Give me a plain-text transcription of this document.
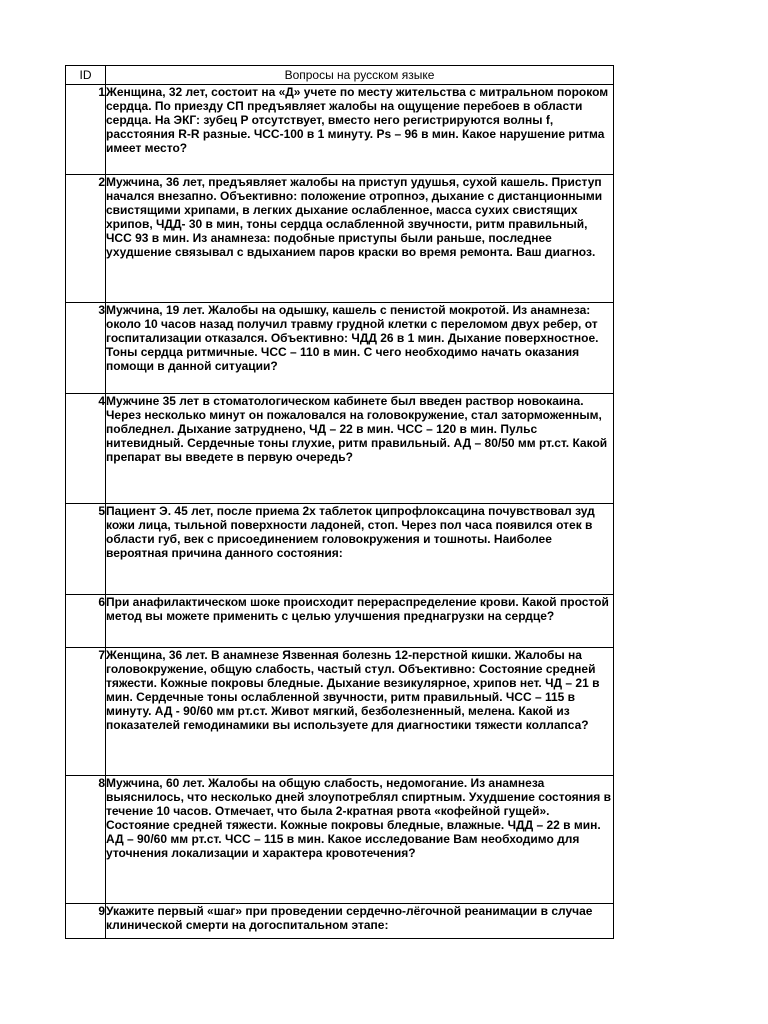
ID	Вопросы на русском языке
1	Женщина, 32 лет, состоит на «Д» учете по месту жительства с митральном пороком сердца. По приезду СП предъявляет жалобы на ощущение перебоев в области сердца. На ЭКГ: зубец P отсутствует, вместо него регистрируются волны f, расстояния R-R разные. ЧСС-100 в 1 минуту. Ps – 96 в мин. Какое нарушение ритма имеет место?

2	Мужчина, 36 лет, предъявляет жалобы на приступ удушья, сухой кашель. Приступ начался внезапно. Объективно: положение отропноэ, дыхание с дистанционными свистящими хрипами, в легких дыхание ослабленное, масса сухих свистящих хрипов, ЧДД- 30 в мин, тоны сердца ослабленной звучности, ритм правильный, ЧСС 93 в мин. Из анамнеза: подобные приступы были раньше, последнее ухудшение связывал с вдыханием паров краски во время ремонта. Ваш диагноз.

3	Мужчина, 19 лет. Жалобы на одышку, кашель с пенистой мокротой. Из анамнеза: около 10 часов назад получил травму грудной клетки с переломом двух ребер, от госпитализации отказался. Объективно: ЧДД 26 в 1 мин. Дыхание поверхностное. Тоны сердца ритмичные. ЧСС – 110 в мин. С чего необходимо начать оказания помощи в данной ситуации?

4	Мужчине 35 лет в стоматологическом кабинете был введен раствор новокаина. Через несколько минут он пожаловался на головокружение, стал заторможенным, побледнел. Дыхание затруднено, ЧД – 22 в мин. ЧСС – 120 в мин. Пульс нитевидный. Сердечные тоны глухие, ритм правильный. АД – 80/50 мм рт.ст. Какой препарат вы введете в первую очередь?

5	Пациент Э. 45 лет, после приема 2х таблеток ципрофлоксацина почувствовал зуд кожи лица, тыльной поверхности ладоней, стоп. Через пол часа появился отек в области губ, век с присоединением головокружения и тошноты. Наиболее вероятная причина данного состояния:

6	При анафилактическом шоке происходит перераспределение крови. Какой простой метод вы можете применить с целью улучшения преднагрузки на сердце?

7	Женщина, 36 лет. В анамнезе Язвенная болезнь 12-перстной кишки. Жалобы на головокружение, общую слабость, частый стул. Объективно: Состояние средней тяжести. Кожные покровы бледные. Дыхание везикулярное, хрипов нет. ЧД – 21 в мин. Сердечные тоны ослабленной звучности, ритм правильный. ЧСС – 115 в минуту. АД - 90/60 мм рт.ст. Живот мягкий, безболезненный, мелена. Какой из показателей гемодинамики вы используете для диагностики тяжести коллапса?

8	Мужчина, 60 лет. Жалобы на общую слабость, недомогание. Из анамнеза выяснилось, что несколько дней злоупотреблял спиртным. Ухудшение состояния в течение 10 часов. Отмечает, что была 2-кратная рвота «кофейной гущей». Состояние средней тяжести. Кожные покровы бледные, влажные. ЧДД – 22 в мин. АД – 90/60 мм рт.ст. ЧСС – 115 в мин. Какое исследование Вам необходимо для уточнения локализации и характера кровотечения?

9	Укажите первый «шаг» при проведении сердечно-лёгочной реанимации в случае клинической смерти на догоспитальном этапе:
